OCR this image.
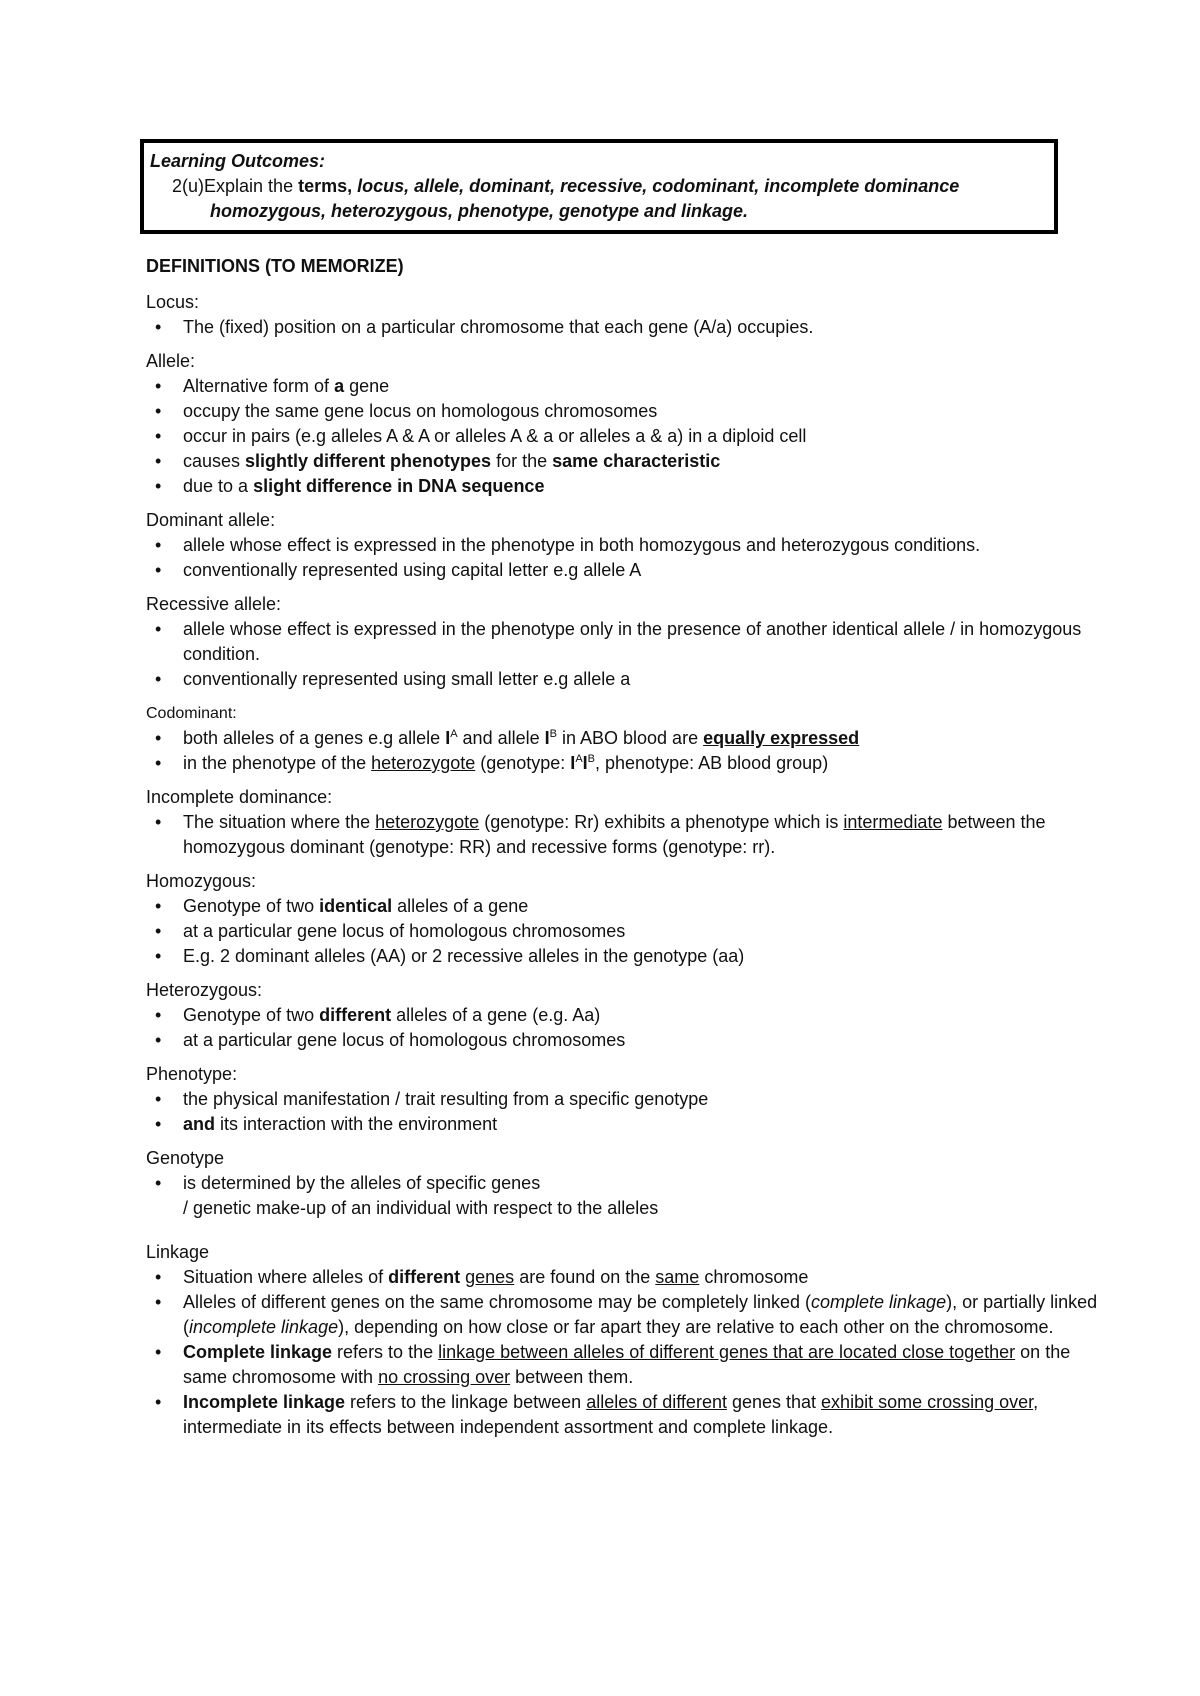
Learning Outcomes:
2(u)Explain the terms, locus, allele, dominant, recessive, codominant, incomplete dominance
homozygous, heterozygous, phenotype, genotype and linkage.
DEFINITIONS (TO MEMORIZE)
Locus:
• The (fixed) position on a particular chromosome that each gene (A/a) occupies.
Allele:
• Alternative form of a gene
• occupy the same gene locus on homologous chromosomes
• occur in pairs (e.g alleles A & A or alleles A & a or alleles a & a) in a diploid cell
• causes slightly different phenotypes for the same characteristic
• due to a slight difference in DNA sequence
Dominant allele:
• allele whose effect is expressed in the phenotype in both homozygous and heterozygous conditions.
• conventionally represented using capital letter e.g allele A
Recessive allele:
• allele whose effect is expressed in the phenotype only in the presence of another identical allele / in homozygous condition.
• conventionally represented using small letter e.g allele a
Codominant:
• both alleles of a genes e.g allele $I^A$ and allele $I^B$ in ABO blood are equally expressed
• in the phenotype of the heterozygote (genotype: $I^AI^B$, phenotype: AB blood group)
Incomplete dominance:
• The situation where the heterozygote (genotype: Rr) exhibits a phenotype which is intermediate between the homozygous dominant (genotype: RR) and recessive forms (genotype: rr).
Homozygous:
• Genotype of two identical alleles of a gene
• at a particular gene locus of homologous chromosomes
• E.g. 2 dominant alleles (AA) or 2 recessive alleles in the genotype (aa)
Heterozygous:
• Genotype of two different alleles of a gene (e.g. Aa)
• at a particular gene locus of homologous chromosomes
Phenotype:
• the physical manifestation / trait resulting from a specific genotype
• and its interaction with the environment
Genotype
• is determined by the alleles of specific genes
/ genetic make-up of an individual with respect to the alleles
Linkage
• Situation where alleles of different genes are found on the same chromosome
• Alleles of different genes on the same chromosome may be completely linked (complete linkage), or partially linked (incomplete linkage), depending on how close or far apart they are relative to each other on the chromosome.
• Complete linkage refers to the linkage between alleles of different genes that are located close together on the same chromosome with no crossing over between them.
• Incomplete linkage refers to the linkage between alleles of different genes that exhibit some crossing over, intermediate in its effects between independent assortment and complete linkage.
